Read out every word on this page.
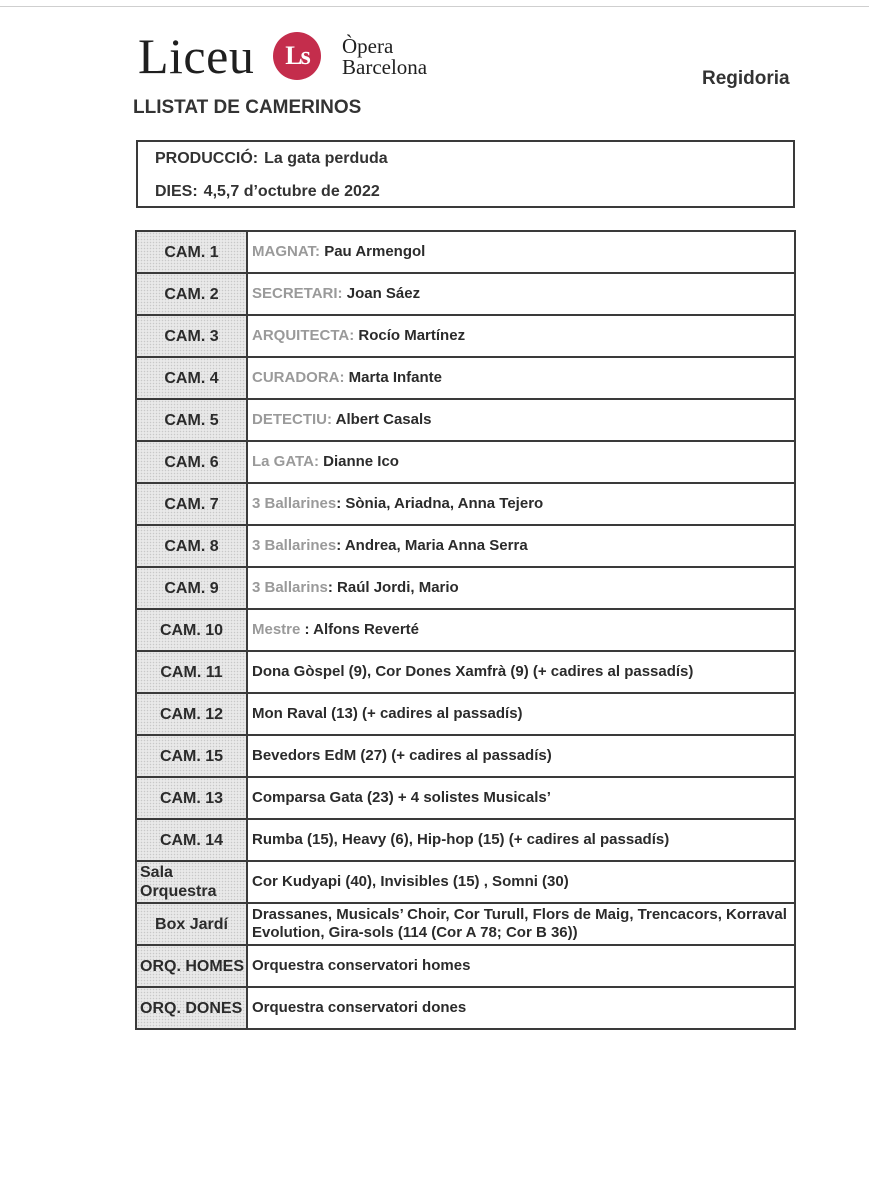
Liceu	Ls	Òpera
Barcelona	Regidoria
LLISTAT DE CAMERINOS
PRODUCCIÓ: La gata perduda
DIES: 4,5,7 d’octubre de 2022
CAM. 1	MAGNAT: Pau Armengol
CAM. 2	SECRETARI: Joan Sáez
CAM. 3	ARQUITECTA: Rocío Martínez
CAM. 4	CURADORA: Marta Infante
CAM. 5	DETECTIU: Albert Casals
CAM. 6	La GATA: Dianne Ico
CAM. 7	3 Ballarines: Sònia, Ariadna, Anna Tejero
CAM. 8	3 Ballarines: Andrea, Maria Anna Serra
CAM. 9	3 Ballarins: Raúl Jordi, Mario
CAM. 10	Mestre : Alfons Reverté
CAM. 11	Dona Gòspel (9), Cor Dones Xamfrà (9) (+ cadires al passadís)
CAM. 12	Mon Raval (13) (+ cadires al passadís)
CAM. 15	Bevedors EdM (27) (+ cadires al passadís)
CAM. 13	Comparsa Gata (23) + 4 solistes Musicals’
CAM. 14	Rumba (15), Heavy (6), Hip-hop (15) (+ cadires al passadís)
Sala Orquestra	Cor Kudyapi (40), Invisibles (15) , Somni (30)
Box Jardí	Drassanes, Musicals’ Choir, Cor Turull, Flors de Maig, Trencacors, Korraval Evolution, Gira-sols (114 (Cor A 78; Cor B 36))
ORQ. HOMES	Orquestra conservatori homes
ORQ. DONES	Orquestra conservatori dones
